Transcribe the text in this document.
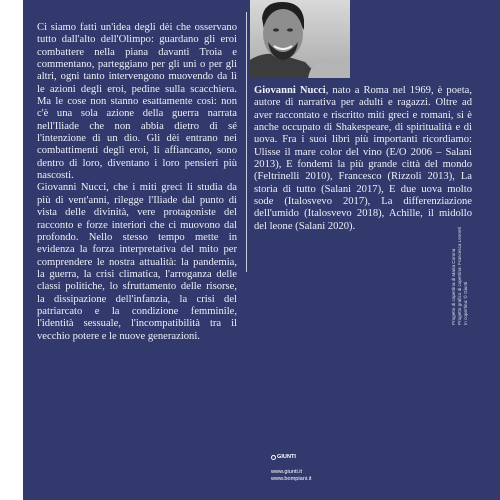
Ci siamo fatti un'idea degli dèi che osservano tutto dall'alto dell'Olimpo: guardano gli eroi combattere nella piana davanti Troia e commentano, parteggiano per gli uni o per gli altri, ogni tanto intervengono muovendo da lì le azioni degli eroi, pedine sulla scacchiera. Ma le cose non stanno esattamente così: non c'è una sola azione della guerra narrata nell'Iliade che non abbia dietro di sé l'intenzione di un dio. Gli dèi entrano nei combattimenti degli eroi, li affiancano, sono dentro di loro, diventano i loro pensieri più nascosti.

Giovanni Nucci, che i miti greci li studia da più di vent'anni, rilegge l'Iliade dal punto di vista delle divinità, vere protagoniste del racconto e forze interiori che ci muovono dal profondo. Nello stesso tempo mette in evidenza la forza interpretativa del mito per comprendere le nostra attualità: la pandemia, la guerra, la crisi climatica, l'arroganza delle classi politiche, lo sfruttamento delle risorse, la dissipazione dell'infanzia, la crisi del patriarcato e la condizione femminile, l'identità sessuale, l'incompatibilità tra il vecchio potere e le nuove generazioni.

Giovanni Nucci, nato a Roma nel 1969, è poeta, autore di narrativa per adulti e ragazzi. Oltre ad aver raccontato e riscritto miti greci e romani, si è anche occupato di Shakespeare, di spiritualità e di uova. Fra i suoi libri più importanti ricordiamo: Ulisse il mare color del vino (E/O 2006 – Salani 2013), E fondemi la più grande città del mondo (Feltrinelli 2010), Francesco (Rizzoli 2013), La storia di tutto (Salani 2017), E due uova molto sode (Italosvevo 2017), La differenziazione dell'umido (Italosvevo 2018), Achille, il midollo del leone (Salani 2020).

Progetto di copertina di Maria Corona Progetto grafico di copertina: Francesca Leoneti In copertina: © Giunti
GIUNTI
www.giunti.it
www.bompiani.it
